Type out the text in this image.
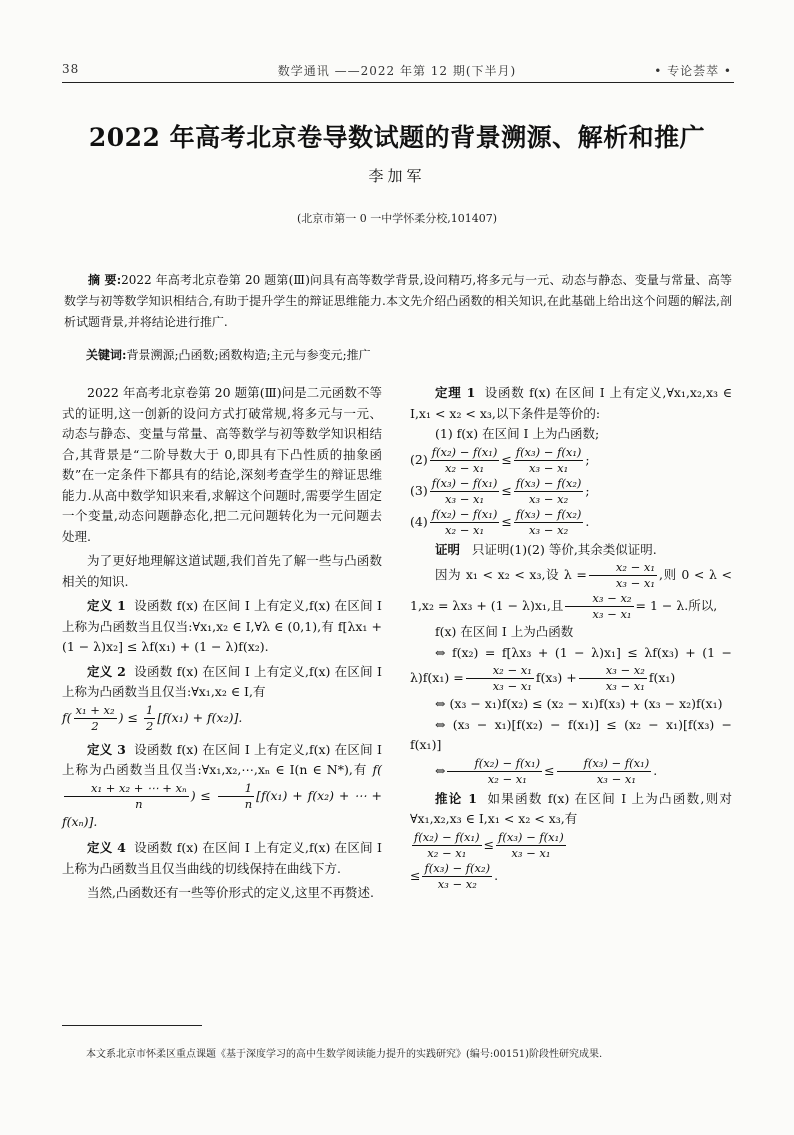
38	数学通讯 ——2022 年第 12 期(下半月)	• 专论荟萃 •
2022 年高考北京卷导数试题的背景溯源、解析和推广
李加军
(北京市第一 0 一中学怀柔分校,101407)
摘 要:2022 年高考北京卷第 20 题第(Ⅲ)问具有高等数学背景,设问精巧,将多元与一元、动态与静态、变量与常量、高等数学与初等数学知识相结合,有助于提升学生的辩证思维能力.本文先介绍凸函数的相关知识,在此基础上给出这个问题的解法,剖析试题背景,并将结论进行推广.
关键词:背景溯源;凸函数;函数构造;主元与参变元;推广

2022 年高考北京卷第 20 题第(Ⅲ)问是二元函数不等式的证明,这一创新的设问方式打破常规,将多元与一元、动态与静态、变量与常量、高等数学与初等数学知识相结合,其背景是“二阶导数大于 0,即具有下凸性质的抽象函数”在一定条件下都具有的结论,深刻考查学生的辩证思维能力.从高中数学知识来看,求解这个问题时,需要学生固定一个变量,动态问题静态化,把二元问题转化为一元问题去处理.

为了更好地理解这道试题,我们首先了解一些与凸函数相关的知识.

定义 1 设函数 f(x) 在区间 I 上有定义,f(x) 在区间 I 上称为凸函数当且仅当:∀x₁,x₂ ∈ I,∀λ ∈ (0,1),有 f[λx₁ + (1 − λ)x₂] ≤ λf(x₁) + (1 − λ)f(x₂).

定义 2 设函数 f(x) 在区间 I 上有定义,f(x) 在区间 I 上称为凸函数当且仅当:∀x₁,x₂ ∈ I,有

$f( \frac{\text{x₁ + x₂}}{2}$ ) ≤ $\frac{1}{2} [f(x_1) + f(x_2)]$.

定义 3 设函数 f(x) 在区间 I 上有定义,f(x) 在区间 I 上称为凸函数当且仅当:∀x₁,x₂,⋯,xₙ ∈ I(n ∈ N*),有 f(
$\frac{\text{x₁ + x₂ + ⋯ + xₙ}}{n}$ ) ≤ $\frac{1}{n} [f(x_1) + f(x_2)$ + ⋯ + f(xₙ)].

定义 4 设函数 f(x) 在区间 I 上有定义,f(x) 在区间 I 上称为凸函数当且仅当曲线的切线保持在曲线下方.

当然,凸函数还有一些等价形式的定义,这里不再赘述.

定理 1 设函数 f(x) 在区间 I 上有定义,∀x₁,x₂,x₃ ∈ I,x₁ < x₂ < x₃,以下条件是等价的:

(1) f(x) 在区间 I 上为凸函数;

$(2) \frac{\text{f(x₂) − f(x₁)}}{\text{x₂ − x₁}} \le \frac{\text{f(x₃) − f(x₁)}}{\text{x₃ − x₁}}$ ;

$(3) \frac{\text{f(x₃) − f(x₁)}}{\text{x₃ − x₁}} \le \frac{\text{f(x₃) − f(x₂)}}{\text{x₃ − x₂}}$ ;

$(4) \frac{\text{f(x₂) − f(x₁)}}{\text{x₂ − x₁}} \le \frac{\text{f(x₃) − f(x₂)}}{\text{x₃ − x₂}}$ .

证明 只证明(1)(2) 等价,其余类似证明.

因为 x₁ < x₂ < x₃,设 $\lambda = \frac{\text{x₂ − x₁}}{\text{x₃ − x₁}}$ ,则 0 < λ < 1,x₂ = λx₃ + (1 − λ)x₁,且 $\frac{\text{x₃ − x₂}}{\text{x₃ − x₁}} = 1 - \lambda$.所以,

f(x) 在区间 I 上为凸函数

⇔ $f(x_2) = f[\lambda x_3 + (1 - \lambda)x_1] \le \lambda f(x_3) + (1 - \lambda)f(x_1) = \frac{\text{x₂ − x₁}}{\text{x₃ − x₁}} f(x_3) + \frac{\text{x₃ − x₂}}{\text{x₃ − x₁}} f(x_1)$

⇔ (x₃ − x₁)f(x₂) ≤ (x₂ − x₁)f(x₃) + (x₃ − x₂)f(x₁)

⇔ (x₃ − x₁)[f(x₂) − f(x₁)] ≤ (x₂ − x₁)[f(x₃) − f(x₁)]

⇔ $\frac{\text{f(x₂) − f(x₁)}}{\text{x₂ − x₁}} \le \frac{\text{f(x₃) − f(x₁)}}{\text{x₃ − x₁}}$ .

推论 1 如果函数 f(x) 在区间 I 上为凸函数,则对 ∀x₁,x₂,x₃ ∈ I,x₁ < x₂ < x₃,有

$\frac{\text{f(x₂) − f(x₁)}}{\text{x₂ − x₁}} \le \frac{\text{f(x₃) − f(x₁)}}{\text{x₃ − x₁}}$

≤ $\frac{\text{f(x₃) − f(x₂)}}{\text{x₃ − x₂}}$ .

本文系北京市怀柔区重点课题《基于深度学习的高中生数学阅读能力提升的实践研究》(编号:00151)阶段性研究成果.
